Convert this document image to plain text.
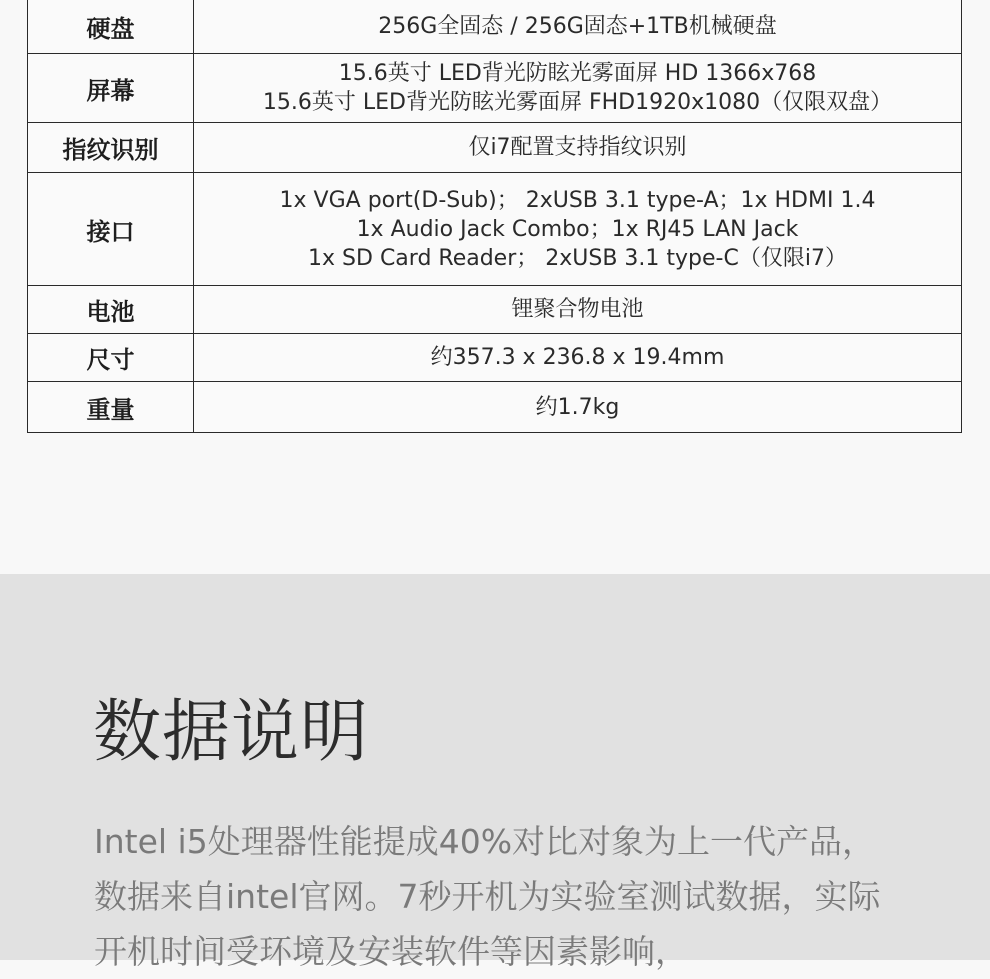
硬盘	256G全固态 / 256G固态+1TB机械硬盘

屏幕	15.6英寸 LED背光防眩光雾面屏 HD 1366x768
15.6英寸 LED背光防眩光雾面屏 FHD1920x1080（仅限双盘）

指纹识别	仅i7配置支持指纹识别

接口	1x VGA port(D-Sub)； 2xUSB 3.1 type-A；1x HDMI 1.4
1x Audio Jack Combo；1x RJ45 LAN Jack
1x SD Card Reader； 2xUSB 3.1 type-C（仅限i7）

电池	锂聚合物电池

尺寸	约357.3 x 236.8 x 19.4mm

重量	约1.7kg
数据说明

Intel i5处理器性能提成40%对比对象为上一代产品，数据来自intel官网。7秒开机为实验室测试数据，实际开机时间受环境及安装软件等因素影响，
